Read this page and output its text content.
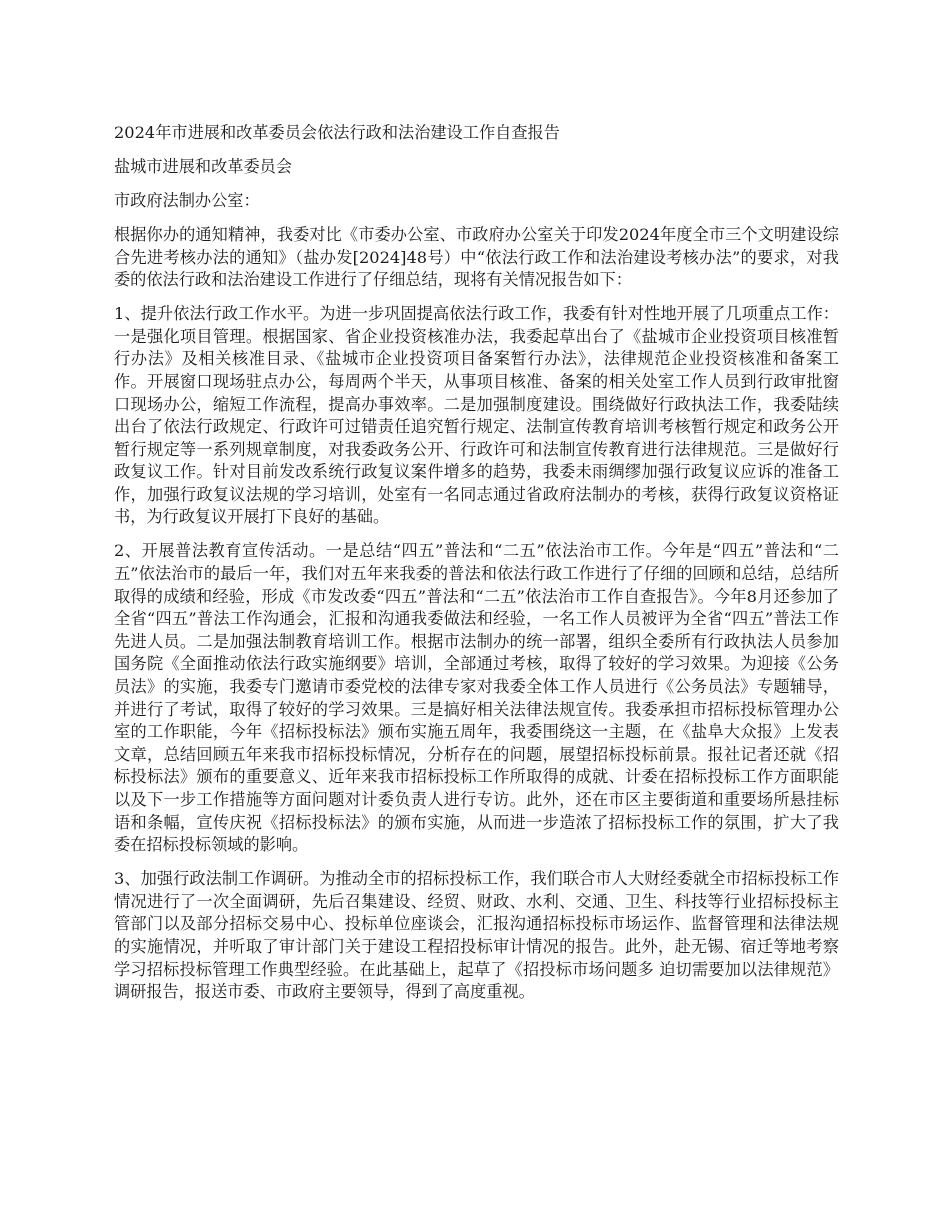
2024年市进展和改革委员会依法行政和法治建设工作自查报告

盐城市进展和改革委员会

市政府法制办公室：

根据你办的通知精神，我委对比《市委办公室、市政府办公室关于印发2024年度全市三个文明建设综合先进考核办法的通知》（盐办发[2024]48号）中“依法行政工作和法治建设考核办法”的要求，对我委的依法行政和法治建设工作进行了仔细总结，现将有关情况报告如下：

1、提升依法行政工作水平。为进一步巩固提高依法行政工作，我委有针对性地开展了几项重点工作：一是强化项目管理。根据国家、省企业投资核准办法，我委起草出台了《盐城市企业投资项目核准暂行办法》及相关核准目录、《盐城市企业投资项目备案暂行办法》，法律规范企业投资核准和备案工作。开展窗口现场驻点办公，每周两个半天，从事项目核准、备案的相关处室工作人员到行政审批窗口现场办公，缩短工作流程，提高办事效率。二是加强制度建设。围绕做好行政执法工作，我委陆续出台了依法行政规定、行政许可过错责任追究暂行规定、法制宣传教育培训考核暂行规定和政务公开暂行规定等一系列规章制度，对我委政务公开、行政许可和法制宣传教育进行法律规范。三是做好行政复议工作。针对目前发改系统行政复议案件增多的趋势，我委未雨绸缪加强行政复议应诉的准备工作，加强行政复议法规的学习培训，处室有一名同志通过省政府法制办的考核，获得行政复议资格证书，为行政复议开展打下良好的基础。

2、开展普法教育宣传活动。一是总结“四五”普法和“二五”依法治市工作。今年是“四五”普法和“二五”依法治市的最后一年，我们对五年来我委的普法和依法行政工作进行了仔细的回顾和总结，总结所取得的成绩和经验，形成《市发改委“四五”普法和“二五”依法治市工作自查报告》。今年8月还参加了全省“四五”普法工作沟通会，汇报和沟通我委做法和经验，一名工作人员被评为全省“四五”普法工作先进人员。二是加强法制教育培训工作。根据市法制办的统一部署，组织全委所有行政执法人员参加国务院《全面推动依法行政实施纲要》培训，全部通过考核，取得了较好的学习效果。为迎接《公务员法》的实施，我委专门邀请市委党校的法律专家对我委全体工作人员进行《公务员法》专题辅导，并进行了考试，取得了较好的学习效果。三是搞好相关法律法规宣传。我委承担市招标投标管理办公室的工作职能，今年《招标投标法》颁布实施五周年，我委围绕这一主题，在《盐阜大众报》上发表文章，总结回顾五年来我市招标投标情况，分析存在的问题，展望招标投标前景。报社记者还就《招标投标法》颁布的重要意义、近年来我市招标投标工作所取得的成就、计委在招标投标工作方面职能以及下一步工作措施等方面问题对计委负责人进行专访。此外，还在市区主要街道和重要场所悬挂标语和条幅，宣传庆祝《招标投标法》的颁布实施，从而进一步造浓了招标投标工作的氛围，扩大了我委在招标投标领域的影响。

3、加强行政法制工作调研。为推动全市的招标投标工作，我们联合市人大财经委就全市招标投标工作情况进行了一次全面调研，先后召集建设、经贸、财政、水利、交通、卫生、科技等行业招标投标主管部门以及部分招标交易中心、投标单位座谈会，汇报沟通招标投标市场运作、监督管理和法律法规的实施情况，并听取了审计部门关于建设工程招投标审计情况的报告。此外，赴无锡、宿迁等地考察学习招标投标管理工作典型经验。在此基础上，起草了《招投标市场问题多 迫切需要加以法律规范》调研报告，报送市委、市政府主要领导，得到了高度重视。
